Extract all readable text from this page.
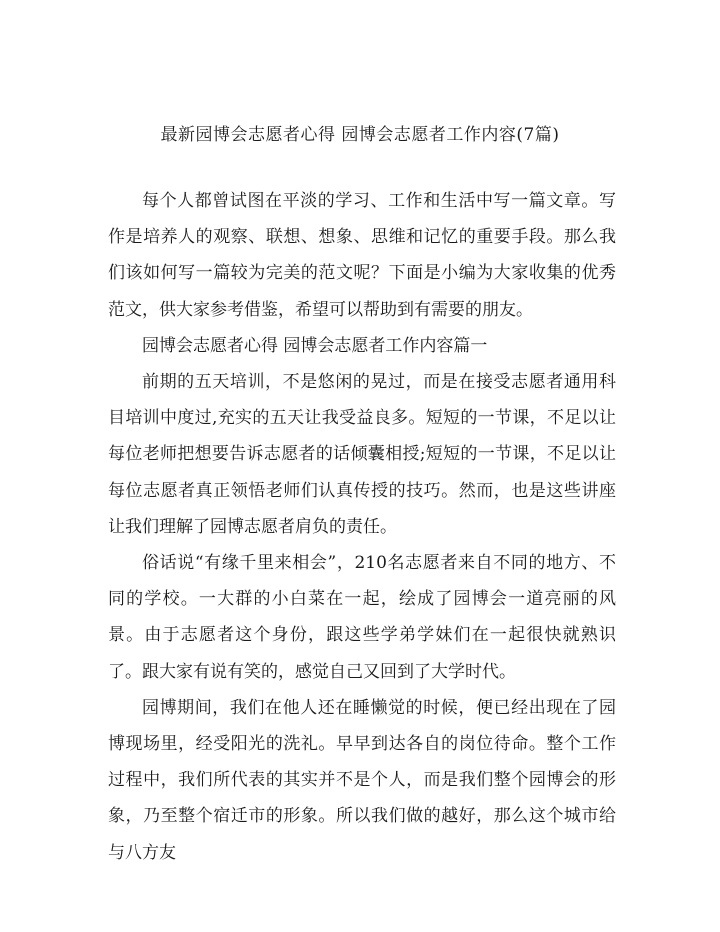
最新园博会志愿者心得 园博会志愿者工作内容(7篇)

每个人都曾试图在平淡的学习、工作和生活中写一篇文章。写作是培养人的观察、联想、想象、思维和记忆的重要手段。那么我们该如何写一篇较为完美的范文呢？下面是小编为大家收集的优秀范文，供大家参考借鉴，希望可以帮助到有需要的朋友。

园博会志愿者心得 园博会志愿者工作内容篇一

前期的五天培训，不是悠闲的晃过，而是在接受志愿者通用科目培训中度过,充实的五天让我受益良多。短短的一节课，不足以让每位老师把想要告诉志愿者的话倾囊相授;短短的一节课，不足以让每位志愿者真正领悟老师们认真传授的技巧。然而，也是这些讲座让我们理解了园博志愿者肩负的责任。

俗话说“有缘千里来相会”，210名志愿者来自不同的地方、不同的学校。一大群的小白菜在一起，绘成了园博会一道亮丽的风景。由于志愿者这个身份，跟这些学弟学妹们在一起很快就熟识了。跟大家有说有笑的，感觉自己又回到了大学时代。

园博期间，我们在他人还在睡懒觉的时候，便已经出现在了园博现场里，经受阳光的洗礼。早早到达各自的岗位待命。整个工作过程中，我们所代表的其实并不是个人，而是我们整个园博会的形象，乃至整个宿迁市的形象。所以我们做的越好，那么这个城市给与八方友
